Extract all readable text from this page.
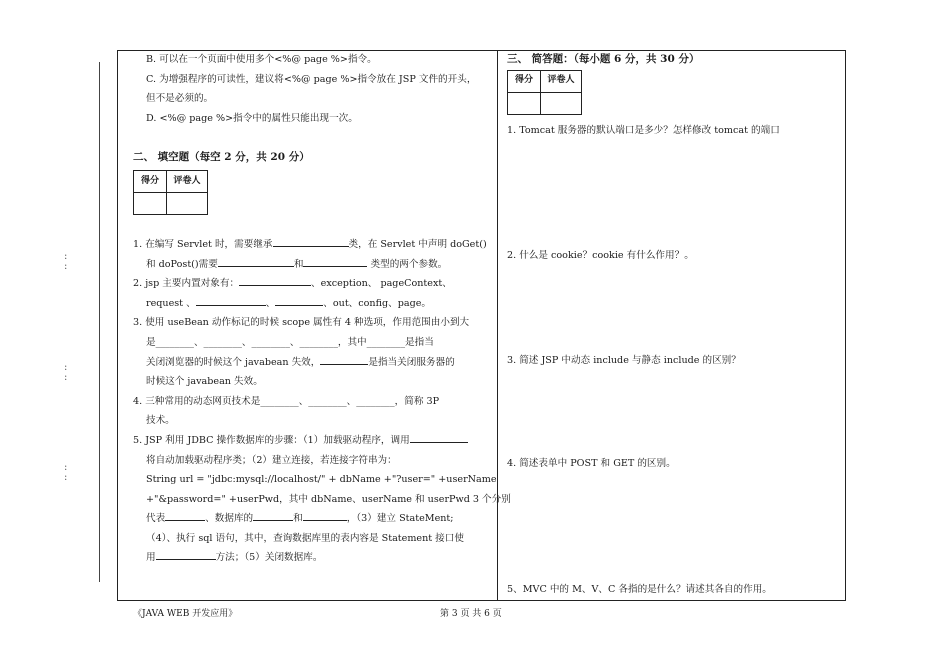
:
:
:
:
:
:
B. 可以在一个页面中使用多个<%@ page %>指令。
C. 为增强程序的可读性，建议将<%@ page %>指令放在 JSP 文件的开头，
但不是必须的。
D. <%@ page %>指令中的属性只能出现一次。
二、 填空题（每空 2 分，共 20 分）
得分	评卷人

1. 在编写 Servlet 时，需要继承	类，在 Servlet 中声明 doGet()
和 doPost()需要	和	类型的两个参数。
2. jsp 主要内置对象有：	、exception、 pageContext、
request 、	、	、out、config、page。
3. 使用 useBean 动作标记的时候 scope 属性有 4 种选项，作用范围由小到大
是________、________、________、________，其中________是指当
关闭浏览器的时候这个 javabean 失效，	是指当关闭服务器的
时候这个 javabean 失效。
4. 三种常用的动态网页技术是________、________、________，简称 3P
技术。
5. JSP 利用 JDBC 操作数据库的步骤：（1）加载驱动程序，调用
将自动加载驱动程序类；（2）建立连接，若连接字符串为：
String url = "jdbc:mysql://localhost/" + dbName +"?user=" +userName
+"&password=" +userPwd，其中 dbName、userName 和 userPwd 3 个分别
代表	、数据库的	和	，（3）建立 StateMent;
（4）、执行 sql 语句，其中，查询数据库里的表内容是 Statement 接口使
用	方法；（5）关闭数据库。
三、 简答题：（每小题 6 分，共 30 分）
得分	评卷人

1. Tomcat 服务器的默认端口是多少？怎样修改 tomcat 的端口
2. 什么是 cookie？cookie 有什么作用？。
3. 简述 JSP 中动态 include 与静态 include 的区别？
4. 简述表单中 POST 和 GET 的区别。
5、MVC 中的 M、V、C 各指的是什么？请述其各自的作用。
《JAVA WEB 开发应用》	第 3 页 共 6 页
